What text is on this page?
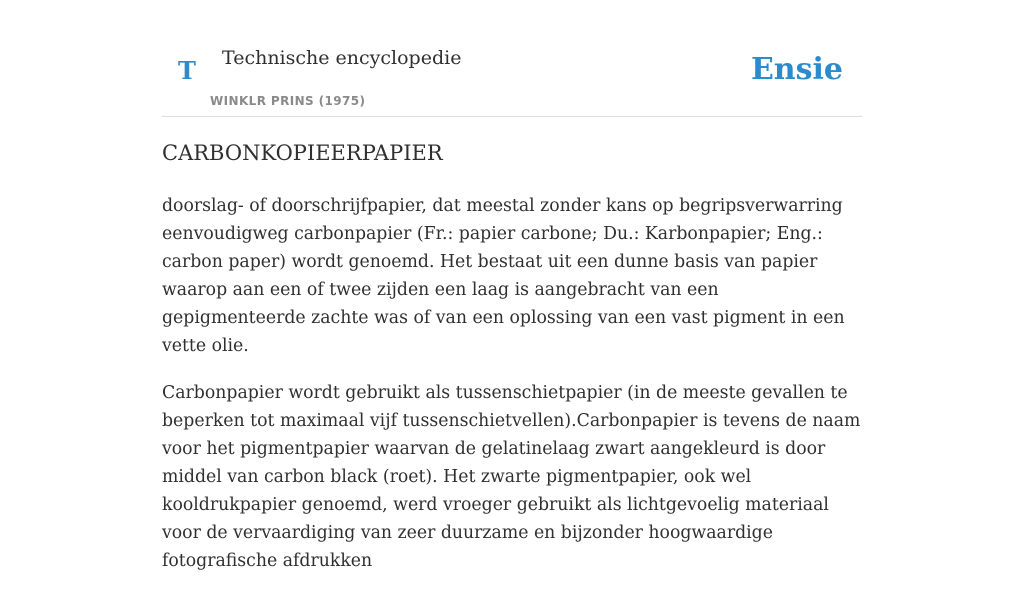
T Technische encyclopedie
WINKLR PRINS (1975)
Ensie
CARBONKOPIEERPAPIER

doorslag- of doorschrijfpapier, dat meestal zonder kans op begripsverwarring eenvoudigweg carbonpapier (Fr.: papier carbone; Du.: Karbonpapier; Eng.: carbon paper) wordt genoemd. Het bestaat uit een dunne basis van papier waarop aan een of twee zijden een laag is aangebracht van een gepigmenteerde zachte was of van een oplossing van een vast pigment in een vette olie.

Carbonpapier wordt gebruikt als tussenschietpapier (in de meeste gevallen te beperken tot maximaal vijf tussenschietvellen).Carbonpapier is tevens de naam voor het pigmentpapier waarvan de gelatinelaag zwart aangekleurd is door middel van carbon black (roet). Het zwarte pigmentpapier, ook wel kooldrukpapier genoemd, werd vroeger gebruikt als lichtgevoelig materiaal voor de vervaardiging van zeer duurzame en bijzonder hoogwaardige fotografische afdrukken
